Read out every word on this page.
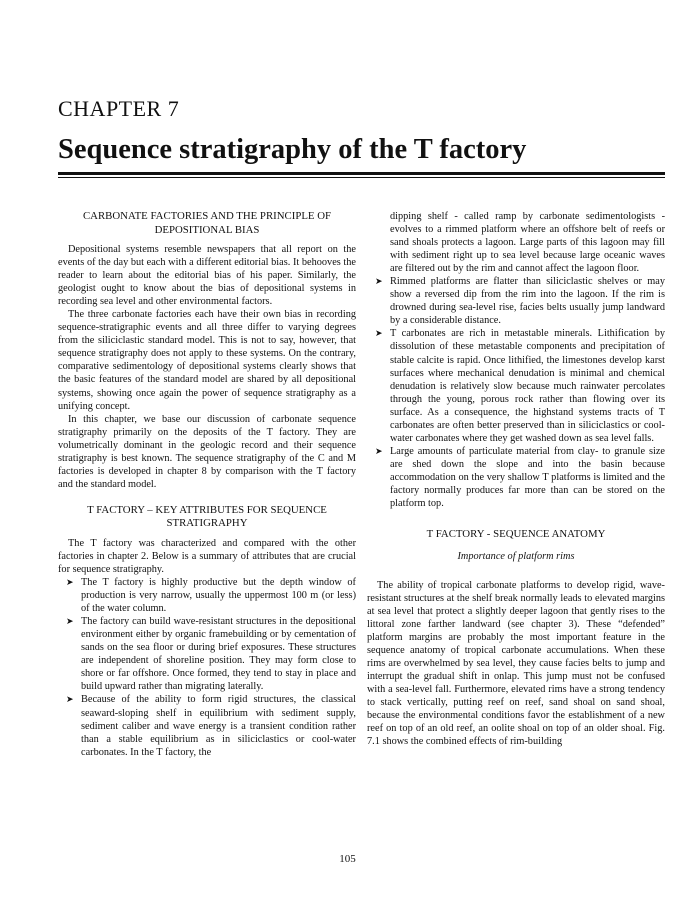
CHAPTER 7
Sequence stratigraphy of the T factory
CARBONATE FACTORIES AND THE PRINCIPLE OF DEPOSITIONAL BIAS

Depositional systems resemble newspapers that all report on the events of the day but each with a different editorial bias. It behooves the reader to learn about the editorial bias of his paper. Similarly, the geologist ought to know about the bias of depositional systems in recording sea level and other environmental factors.

The three carbonate factories each have their own bias in recording sequence-stratigraphic events and all three differ to varying degrees from the siliciclastic standard model. This is not to say, however, that sequence stratigraphy does not apply to these systems. On the contrary, comparative sedimentology of depositional systems clearly shows that the basic features of the standard model are shared by all depositional systems, showing once again the power of sequence stratigraphy as a unifying concept.

In this chapter, we base our discussion of carbonate sequence stratigraphy primarily on the deposits of the T factory. They are volumetrically dominant in the geologic record and their sequence stratigraphy is best known. The sequence stratigraphy of the C and M factories is developed in chapter 8 by comparison with the T factory and the standard model.

T FACTORY – KEY ATTRIBUTES FOR SEQUENCE STRATIGRAPHY

The T factory was characterized and compared with the other factories in chapter 2. Below is a summary of attributes that are crucial for sequence stratigraphy.

➤ The T factory is highly productive but the depth window of production is very narrow, usually the uppermost 100 m (or less) of the water column.
➤ The factory can build wave-resistant structures in the depositional environment either by organic framebuilding or by cementation of sands on the sea floor or during brief exposures. These structures are independent of shoreline position. They may form close to shore or far offshore. Once formed, they tend to stay in place and build upward rather than migrating laterally.
➤ Because of the ability to form rigid structures, the classical seaward-sloping shelf in equilibrium with sediment supply, sediment caliber and wave energy is a transient condition rather than a stable equilibrium as in siliciclastics or cool-water carbonates. In the T factory, the
dipping shelf - called ramp by carbonate sedimentologists - evolves to a rimmed platform where an offshore belt of reefs or sand shoals protects a lagoon. Large parts of this lagoon may fill with sediment right up to sea level because large oceanic waves are filtered out by the rim and cannot affect the lagoon floor.
➤ Rimmed platforms are flatter than siliciclastic shelves or may show a reversed dip from the rim into the lagoon. If the rim is drowned during sea-level rise, facies belts usually jump landward by a considerable distance.
➤ T carbonates are rich in metastable minerals. Lithification by dissolution of these metastable components and precipitation of stable calcite is rapid. Once lithified, the limestones develop karst surfaces where mechanical denudation is minimal and chemical denudation is relatively slow because much rainwater percolates through the young, porous rock rather than flowing over its surface. As a consequence, the highstand systems tracts of T carbonates are often better preserved than in siliciclastics or cool-water carbonates where they get washed down as sea level falls.
➤ Large amounts of particulate material from clay- to granule size are shed down the slope and into the basin because accommodation on the very shallow T platforms is limited and the factory normally produces far more than can be stored on the platform top.
T FACTORY - SEQUENCE ANATOMY
Importance of platform rims

The ability of tropical carbonate platforms to develop rigid, wave-resistant structures at the shelf break normally leads to elevated margins at sea level that protect a slightly deeper lagoon that gently rises to the littoral zone farther landward (see chapter 3). These “defended” platform margins are probably the most important feature in the sequence anatomy of tropical carbonate accumulations. When these rims are overwhelmed by sea level, they cause facies belts to jump and interrupt the gradual shift in onlap. This jump must not be confused with a sea-level fall. Furthermore, elevated rims have a strong tendency to stack vertically, putting reef on reef, sand shoal on sand shoal, because the environmental conditions favor the establishment of a new reef on top of an old reef, an oolite shoal on top of an older shoal. Fig. 7.1 shows the combined effects of rim-building

105
